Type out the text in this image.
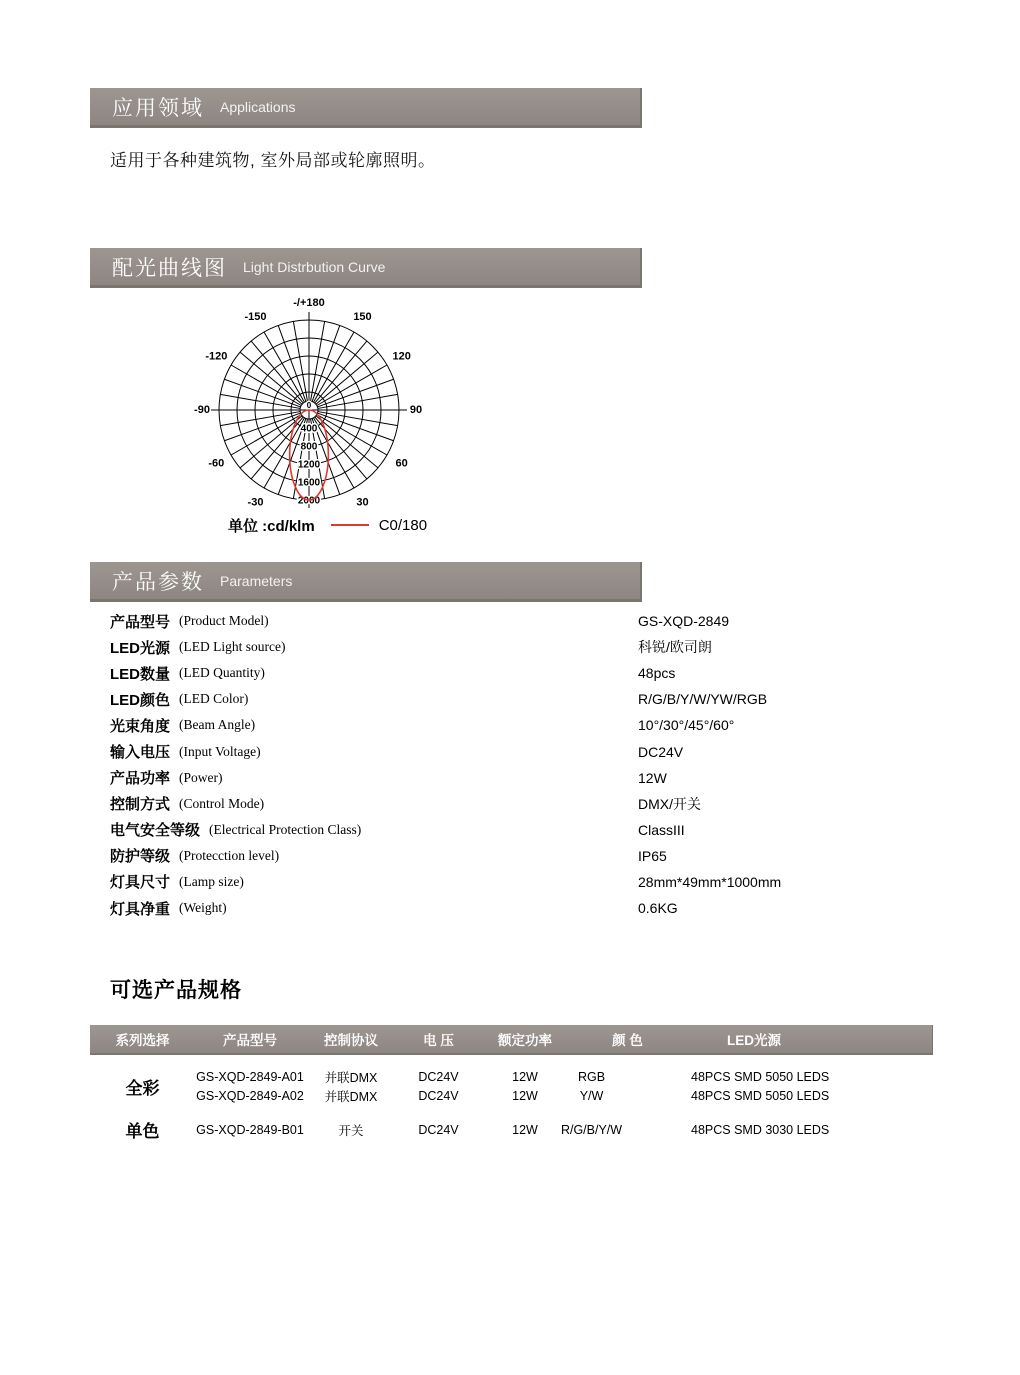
应用领域 Applications
适用于各种建筑物, 室外局部或轮廓照明。
配光曲线图 Light Distrbution Curve
-/+180
150
120
90
60
30
-30
-60
-90
-120
-150
0
400
800
1200
1600
2000
单位 :cd/klm	C0/180
产品参数 Parameters
产品型号 (Product Model)	GS-XQD-2849
LED光源 (LED Light source)	科锐/欧司朗
LED数量 (LED Quantity)	48pcs
LED颜色 (LED Color)	R/G/B/Y/W/YW/RGB
光束角度 (Beam Angle)	10°/30°/45°/60°
输入电压 (Input Voltage)	DC24V
产品功率 (Power)	12W
控制方式 (Control Mode)	DMX/开关
电气安全等级 (Electrical Protection Class)	ClassIII
防护等级 (Protecction level)	IP65
灯具尺寸 (Lamp size)	28mm*49mm*1000mm
灯具净重 (Weight)	0.6KG
可选产品规格
系列选择	产品型号	控制协议	电 压	额定功率	颜 色	LED光源
全彩
GS-XQD-2849-A01	并联DMX	DC24V	12W	RGB	48PCS SMD 5050 LEDS
GS-XQD-2849-A02	并联DMX	DC24V	12W	Y/W	48PCS SMD 5050 LEDS
单色	GS-XQD-2849-B01	开关	DC24V	12W	R/G/B/Y/W	48PCS SMD 3030 LEDS
